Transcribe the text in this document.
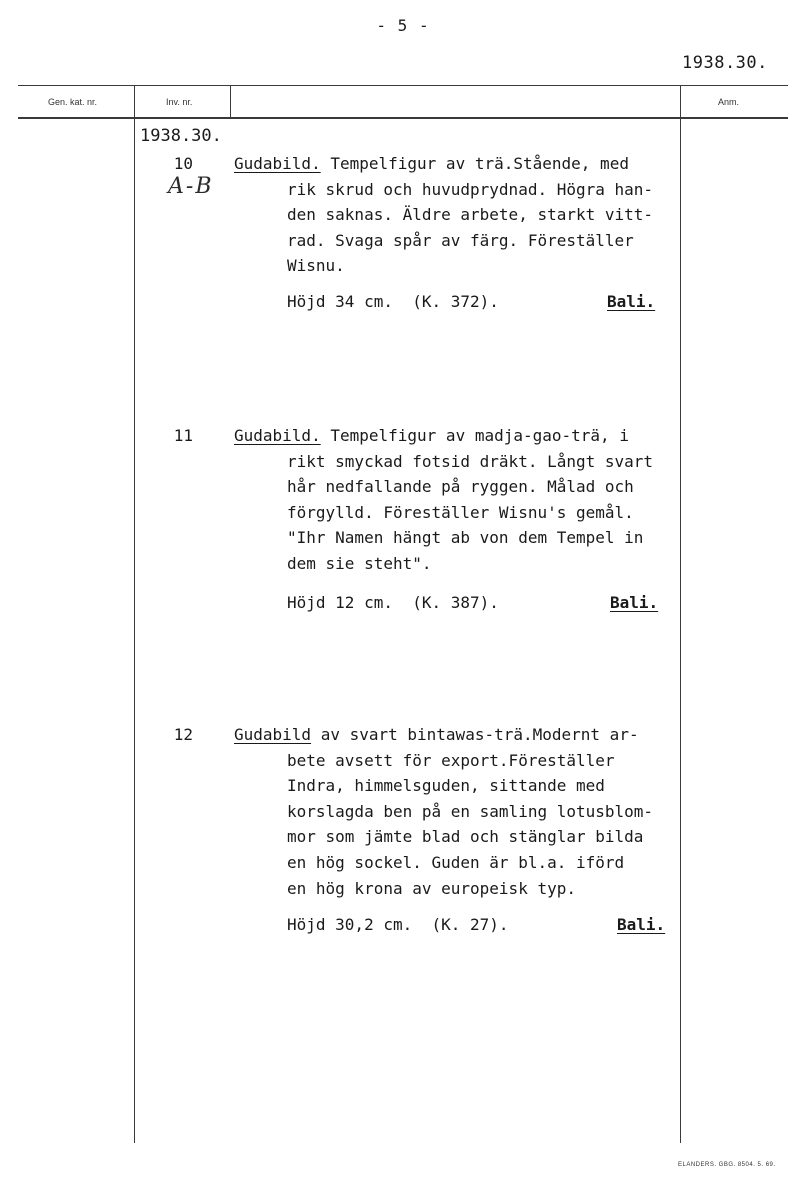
- 5 -
1938.30.
Gen. kat. nr.	Inv. nr.	Anm.
1938.30.
10
A-B
Gudabild. Tempelfigur av trä.Stående, med
rik skrud och huvudprydnad. Högra han-
den saknas. Äldre arbete, starkt vitt-
rad. Svaga spår av färg. Föreställer
Wisnu.
Höjd 34 cm.  (K. 372).	Bali.
11	Gudabild. Tempelfigur av madja-gao-trä, i
rikt smyckad fotsid dräkt. Långt svart
hår nedfallande på ryggen. Målad och
förgylld. Föreställer Wisnu's gemål.
"Ihr Namen hängt ab von dem Tempel in
dem sie steht".
Höjd 12 cm.  (K. 387).	Bali.
12	Gudabild av svart bintawas-trä.Modernt ar-
bete avsett för export.Föreställer
Indra, himmelsguden, sittande med
korslagda ben på en samling lotusblom-
mor som jämte blad och stänglar bilda
en hög sockel. Guden är bl.a. iförd
en hög krona av europeisk typ.
Höjd 30,2 cm.  (K. 27).	Bali.
ELANDERS. GBG. 8504. 5. 69.
